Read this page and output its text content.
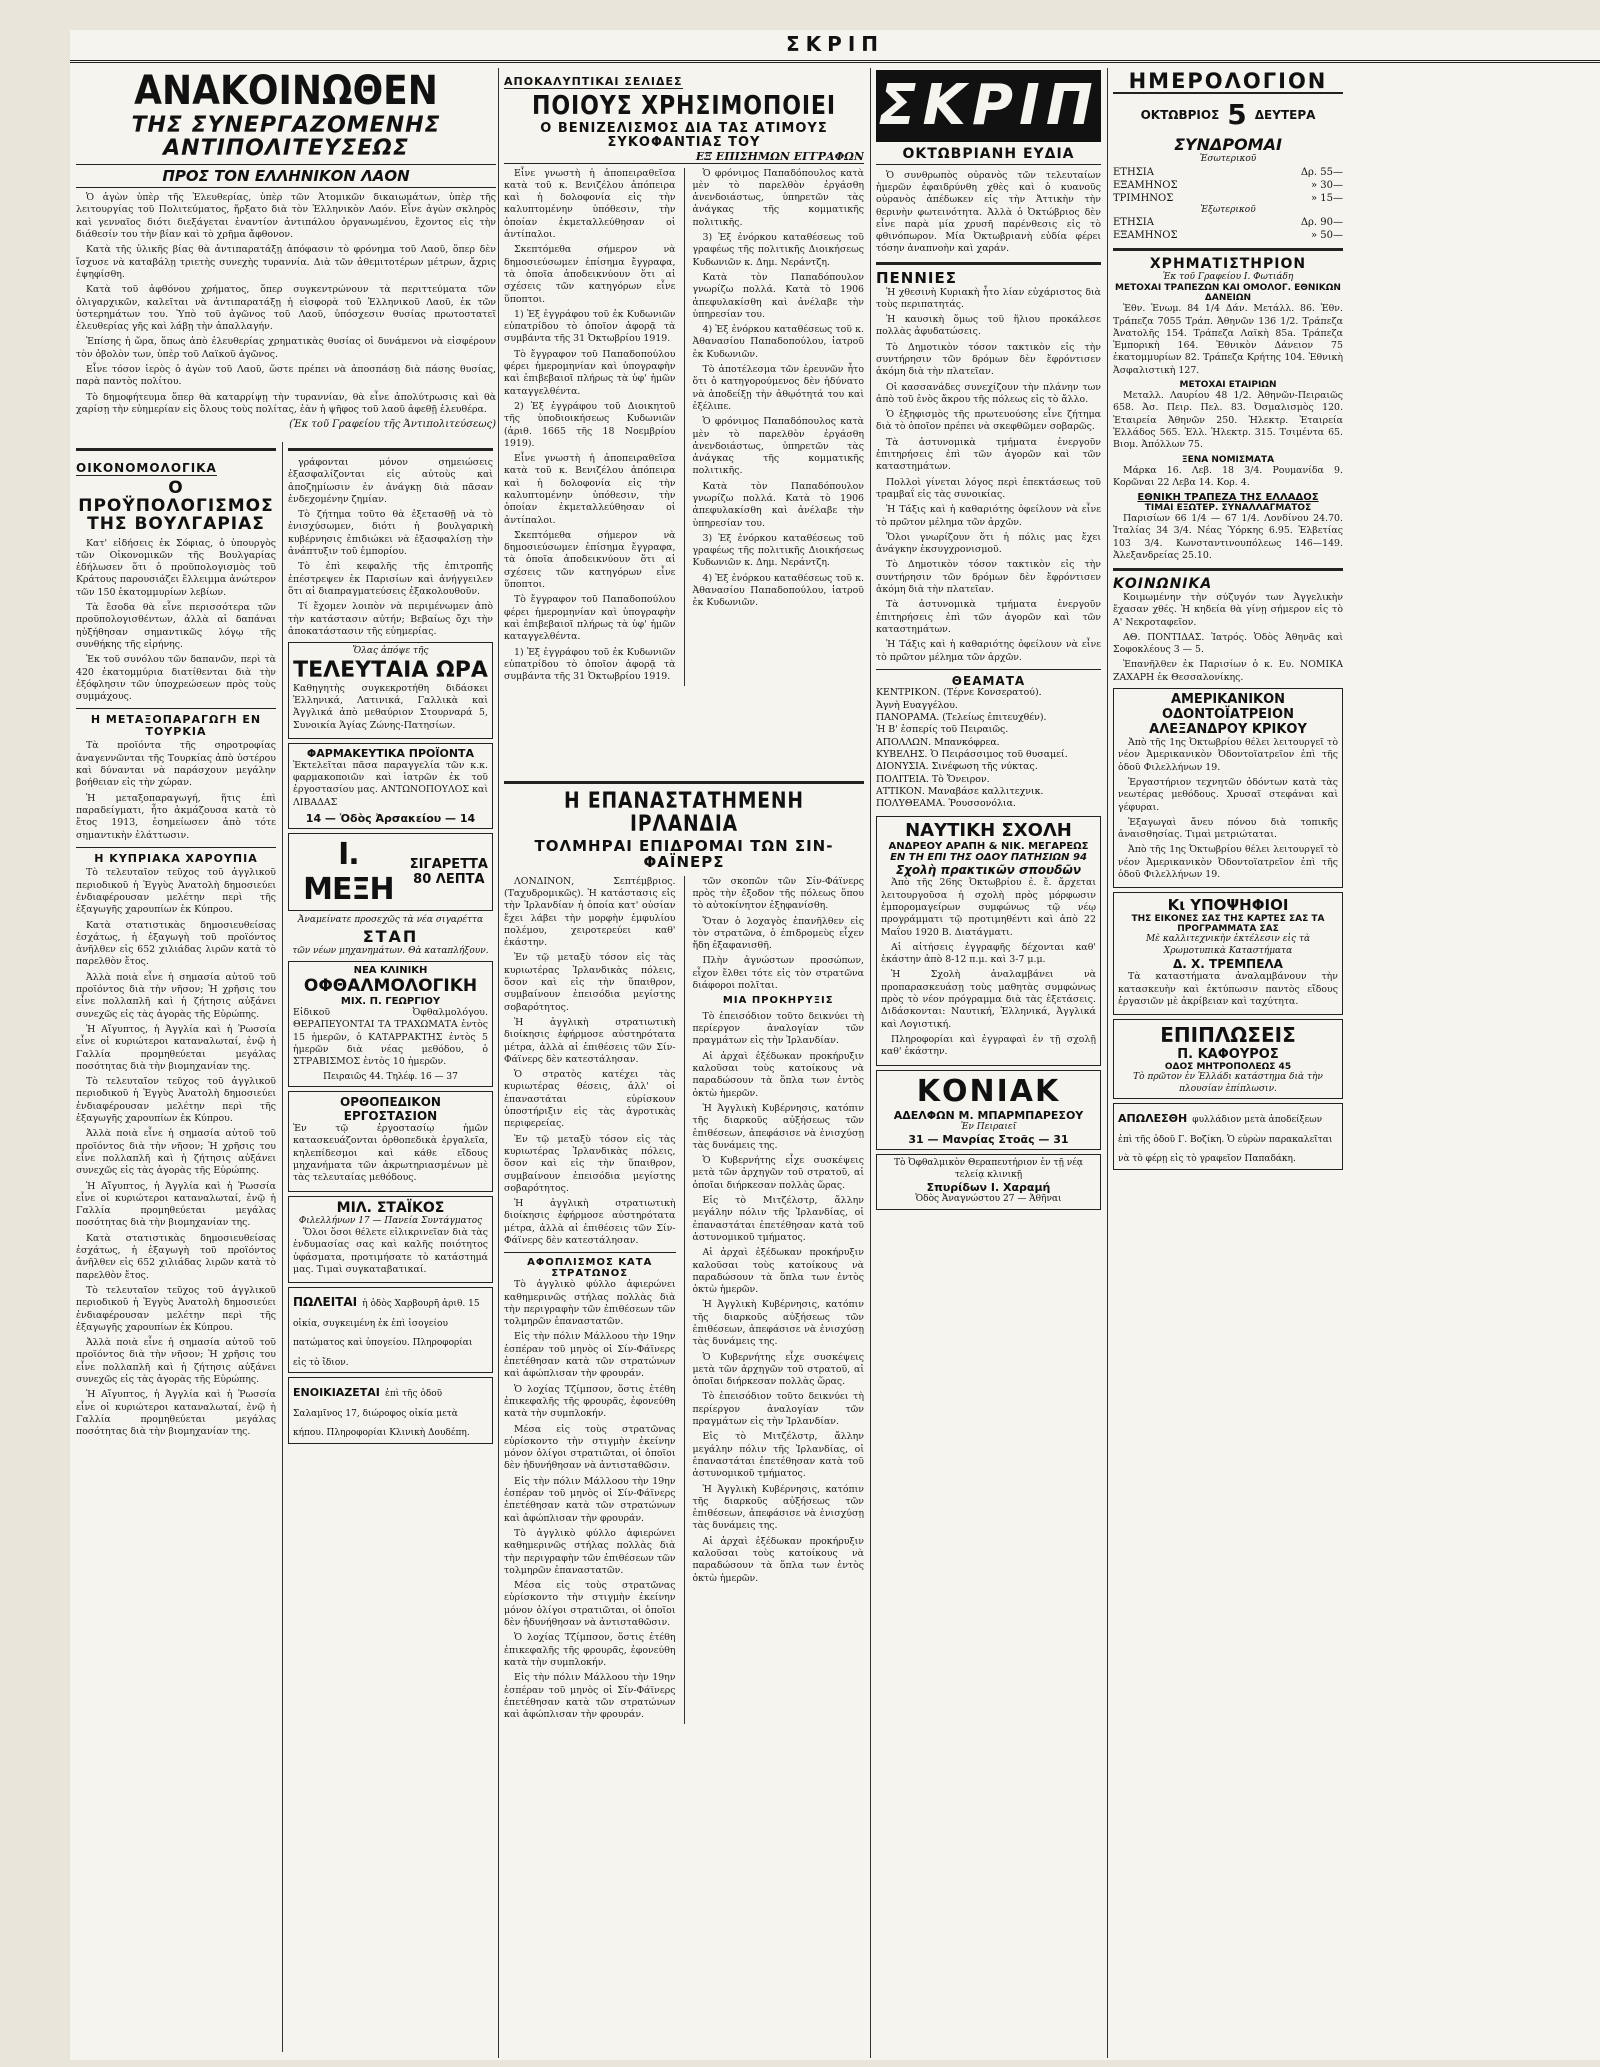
ΣΚΡΙΠ
ΑΝΑΚΟΙΝΩΘΕΝ
ΤΗΣ ΣΥΝΕΡΓΑΖΟΜΕΝΗΣ ΑΝΤΙΠΟΛΙΤΕΥΣΕΩΣ
ΠΡΟΣ ΤΟΝ ΕΛΛΗΝΙΚΟΝ ΛΑΟΝ

Ὁ ἀγὼν ὑπὲρ τῆς Ἐλευθερίας, ὑπὲρ τῶν Ἀτομικῶν δικαιωμάτων, ὑπὲρ τῆς λειτουργίας τοῦ Πολιτεύματος, ἤρξατο διὰ τὸν Ἑλληνικὸν Λαόν. Εἶνε ἀγὼν σκληρὸς καὶ γενναῖος διότι διεξάγεται ἐναντίον ἀντιπάλου ὀργανωμένου, ἔχοντος εἰς τὴν διάθεσίν του τὴν βίαν καὶ τὸ χρῆμα ἄφθονον.

Κατὰ τῆς ὑλικῆς βίας θὰ ἀντιπαρατάξῃ ἀπόφασιν τὸ φρόνημα τοῦ Λαοῦ, ὅπερ δὲν ἴσχυσε νὰ καταβάλῃ τριετὴς συνεχὴς τυραννία. Διὰ τῶν ἀθεμιτοτέρων μέτρων, ἄχρις ἐψηφίσθη.

Κατὰ τοῦ ἀφθόνου χρήματος, ὅπερ συγκεντρώνουν τὰ περιττεύματα τῶν ὀλιγαρχικῶν, καλεῖται νὰ ἀντιπαρατάξῃ ἡ εἰσφορὰ τοῦ Ἑλληνικοῦ Λαοῦ, ἐκ τῶν ὑστερημάτων του. Ὑπὸ τοῦ ἀγῶνος τοῦ Λαοῦ, ὑπόσχεσιν θυσίας πρωτοστατεῖ ἐλευθερίας γῆς καὶ λάβῃ τὴν ἀπαλλαγήν.

Ἐπίσης ἡ ὥρα, ὅπως ἀπὸ ἐλευθερίας χρηματικὰς θυσίας οἱ δυνάμενοι νὰ εἰσφέρουν τὸν ὀβολὸν των, ὑπὲρ τοῦ Λαϊκοῦ ἀγῶνος.

Εἶνε τόσον ἱερὸς ὁ ἀγὼν τοῦ Λαοῦ, ὥστε πρέπει νὰ ἀποσπάσῃ διὰ πάσης θυσίας, παρὰ παντὸς πολίτου.

Τὸ δημοφήτευμα ὅπερ θὰ καταρρίψῃ τὴν τυραννίαν, θὰ εἶνε ἀπολύτρωσις καὶ θὰ χαρίσῃ τὴν εὐημερίαν εἰς ὅλους τοὺς πολίτας, ἐὰν ἡ ψῆφος τοῦ λαοῦ ἀφεθῇ ἐλευθέρα.

(Ἐκ τοῦ Γραφείου τῆς Ἀντιπολιτεύσεως)
ΟΙΚΟΝΟΜΟΛΟΓΙΚΑ
Ο ΠΡΟΫΠΟΛΟΓΙΣΜΟΣ ΤΗΣ ΒΟΥΛΓΑΡΙΑΣ

Κατ' εἰδήσεις ἐκ Σόφιας, ὁ ὑπουργὸς τῶν Οἰκονομικῶν τῆς Βουλγαρίας ἐδήλωσεν ὅτι ὁ προϋπολογισμὸς τοῦ Κράτους παρουσιάζει ἔλλειμμα ἀνώτερον τῶν 150 ἑκατομμυρίων λεβίων.

Τὰ ἔσοδα θὰ εἶνε περισσότερα τῶν προϋπολογισθέντων, ἀλλὰ αἱ δαπάναι ηὐξήθησαν σημαντικῶς λόγῳ τῆς συνθήκης τῆς εἰρήνης.

Ἐκ τοῦ συνόλου τῶν δαπανῶν, περὶ τὰ 420 ἑκατομμύρια διατίθενται διὰ τὴν ἐξόφλησιν τῶν ὑποχρεώσεων πρὸς τοὺς συμμάχους.

Η ΜΕΤΑΞΟΠΑΡΑΓΩΓΗ ΕΝ ΤΟΥΡΚΙΑ

Τὰ προϊόντα τῆς σηροτροφίας ἀναγεννῶνται τῆς Τουρκίας ἀπὸ ὑστέρου καὶ δύνανται νὰ παράσχουν μεγάλην βοήθειαν εἰς τὴν χώραν.

Ἡ μεταξοπαραγωγή, ἥτις ἐπὶ παραδείγματι, ἦτο ἀκμάζουσα κατὰ τὸ ἔτος 1913, ἐσημείωσεν ἀπὸ τότε σημαντικὴν ἐλάττωσιν.

Η ΚΥΠΡΙΑΚΑ ΧΑΡΟΥΠΙΑ

Τὸ τελευταῖον τεῦχος τοῦ ἀγγλικοῦ περιοδικοῦ ἡ Ἐγγὺς Ἀνατολὴ δημοσιεύει ἐνδιαφέρουσαν μελέτην περὶ τῆς ἐξαγωγῆς χαρουπίων ἐκ Κύπρου.

Κατὰ στατιστικὰς δημοσιευθείσας ἐσχάτως, ἡ ἐξαγωγὴ τοῦ προϊόντος ἀνῆλθεν εἰς 652 χιλιάδας λιρῶν κατὰ τὸ παρελθὸν ἔτος.

Ἀλλὰ ποιὰ εἶνε ἡ σημασία αὐτοῦ τοῦ προϊόντος διὰ τὴν νῆσον; Ἡ χρῆσις του εἶνε πολλαπλῆ καὶ ἡ ζήτησις αὐξάνει συνεχῶς εἰς τὰς ἀγορὰς τῆς Εὐρώπης.

Ἡ Αἴγυπτος, ἡ Ἀγγλία καὶ ἡ Ῥωσσία εἶνε οἱ κυριώτεροι καταναλωταί, ἐνῷ ἡ Γαλλία προμηθεύεται μεγάλας ποσότητας διὰ τὴν βιομηχανίαν της.

Τὸ τελευταῖον τεῦχος τοῦ ἀγγλικοῦ περιοδικοῦ ἡ Ἐγγὺς Ἀνατολὴ δημοσιεύει ἐνδιαφέρουσαν μελέτην περὶ τῆς ἐξαγωγῆς χαρουπίων ἐκ Κύπρου.

Ἀλλὰ ποιὰ εἶνε ἡ σημασία αὐτοῦ τοῦ προϊόντος διὰ τὴν νῆσον; Ἡ χρῆσις του εἶνε πολλαπλῆ καὶ ἡ ζήτησις αὐξάνει συνεχῶς εἰς τὰς ἀγορὰς τῆς Εὐρώπης.

Ἡ Αἴγυπτος, ἡ Ἀγγλία καὶ ἡ Ῥωσσία εἶνε οἱ κυριώτεροι καταναλωταί, ἐνῷ ἡ Γαλλία προμηθεύεται μεγάλας ποσότητας διὰ τὴν βιομηχανίαν της.

Κατὰ στατιστικὰς δημοσιευθείσας ἐσχάτως, ἡ ἐξαγωγὴ τοῦ προϊόντος ἀνῆλθεν εἰς 652 χιλιάδας λιρῶν κατὰ τὸ παρελθὸν ἔτος.

Τὸ τελευταῖον τεῦχος τοῦ ἀγγλικοῦ περιοδικοῦ ἡ Ἐγγὺς Ἀνατολὴ δημοσιεύει ἐνδιαφέρουσαν μελέτην περὶ τῆς ἐξαγωγῆς χαρουπίων ἐκ Κύπρου.

Ἀλλὰ ποιὰ εἶνε ἡ σημασία αὐτοῦ τοῦ προϊόντος διὰ τὴν νῆσον; Ἡ χρῆσις του εἶνε πολλαπλῆ καὶ ἡ ζήτησις αὐξάνει συνεχῶς εἰς τὰς ἀγορὰς τῆς Εὐρώπης.

Ἡ Αἴγυπτος, ἡ Ἀγγλία καὶ ἡ Ῥωσσία εἶνε οἱ κυριώτεροι καταναλωταί, ἐνῷ ἡ Γαλλία προμηθεύεται μεγάλας ποσότητας διὰ τὴν βιομηχανίαν της.

γράφονται μόνον σημειώσεις ἐξασφαλίζονται εἰς αὐτοὺς καὶ ἀποζημίωσιν ἐν ἀνάγκῃ διὰ πᾶσαν ἐνδεχομένην ζημίαν.

Τὸ ζήτημα τοῦτο θὰ ἐξετασθῇ νὰ τὸ ἐνισχύσωμεν, διότι ἡ βουλγαρικὴ κυβέρνησις ἐπιδιώκει νὰ ἐξασφαλίσῃ τὴν ἀνάπτυξιν τοῦ ἐμπορίου.

Τὸ ἐπὶ κεφαλῆς τῆς ἐπιτροπῆς ἐπέστρεψεν ἐκ Παρισίων καὶ ἀνήγγειλεν ὅτι αἱ διαπραγματεύσεις ἐξακολουθοῦν.

Τί ἔχομεν λοιπὸν νὰ περιμένωμεν ἀπὸ τὴν κατάστασιν αὐτήν; Βεβαίως ὄχι τὴν ἀποκατάστασιν τῆς εὐημερίας.

Ὅλας ἀπόψε τῆς
ΤΕΛΕΥΤΑΙΑ ΩΡΑ

Καθηγητὴς συγκεκροτήθη διδάσκει Ἑλληνικά, Λατινικά, Γαλλικὰ καὶ Ἀγγλικά ἀπὸ μεθαύριον Στουρναρά 5, Συνοικία Ἁγίας Ζώνης-Πατησίων.

ΦΑΡΜΑΚΕΥΤΙΚΑ ΠΡΟΪΟΝΤΑ

Ἐκτελεῖται πᾶσα παραγγελία τῶν κ.κ. φαρμακοποιῶν καὶ ἰατρῶν ἐκ τοῦ ἐργοστασίου μας. ΑΝΤΩΝΟΠΟΥΛΟΣ καὶ ΛΙΒΑΔΑΣ

14 — Ὁδὸς Ἀρσακείου — 14
Ι. ΜΕΞΗ
ΣΙΓΑΡΕΤΤΑ
80 ΛΕΠΤΑ
Ἀναμείνατε προσεχῶς τὰ νέα σιγαρέττα
ΣΤΑΠ
τῶν νέων μηχανημάτων. Θὰ καταπλήξουν.
ΝΕΑ ΚΛΙΝΙΚΗ
ΟΦΘΑΛΜΟΛΟΓΙΚΗ
ΜΙΧ. Π. ΓΕΩΡΓΙΟΥ

Εἰδικοῦ Ὀφθαλμολόγου. ΘΕΡΑΠΕΥΟΝΤΑΙ ΤΑ ΤΡΑΧΩΜΑΤΑ ἐντὸς 15 ἡμερῶν, ὁ ΚΑΤΑΡΡΑΚΤΗΣ ἐντὸς 5 ἡμερῶν διὰ νέας μεθόδου, ὁ ΣΤΡΑΒΙΣΜΟΣ ἐντὸς 10 ἡμερῶν.

Πειραιῶς 44. Τηλέφ. 16 — 37
ΟΡΘΟΠΕΔΙΚΟΝ ΕΡΓΟΣΤΑΣΙΟΝ

Ἐν τῷ ἐργοστασίῳ ἡμῶν κατασκευάζονται ὀρθοπεδικὰ ἐργαλεῖα, κηλεπίδεσμοι καὶ κάθε εἴδους μηχανήματα τῶν ἀκρωτηριασμένων μὲ τὰς τελευταίας μεθόδους.

ΜΙΛ. ΣΤΑΪΚΟΣ
Φιλελλήνων 17 — Πανεία Συντάγματος

Ὅλοι ὅσοι θέλετε εἰλικρινεῖαν διὰ τὰς ἐνδυμασίας σας καὶ καλῆς ποιότητος ὑφάσματα, προτιμήσατε τὸ κατάστημά μας. Τιμαὶ συγκαταβατικαί.

ΠΩΛΕΙΤΑΙ ἡ ὁδὸς Χαρβουρῆ ἀριθ. 15 οἰκία, συγκειμένη ἐκ ἐπὶ ἰσογείου πατώματος καὶ ὑπογείου. Πληροφορίαι εἰς τὸ ἴδιον.
ΕΝΟΙΚΙΑΖΕΤΑΙ ἐπὶ τῆς ὁδοῦ Σαλαμῖνος 17, διώροφος οἰκία μετὰ κήπου. Πληροφορίαι Κλινικὴ Δουδέπη.
ΑΠΟΚΑΛΥΠΤΙΚΑΙ ΣΕΛΙΔΕΣ
ΠΟΙΟΥΣ ΧΡΗΣΙΜΟΠΟΙΕΙ
Ο ΒΕΝΙΖΕΛΙΣΜΟΣ ΔΙΑ ΤΑΣ ΑΤΙΜΟΥΣ ΣΥΚΟΦΑΝΤΙΑΣ ΤΟΥ
ΕΞ ΕΠΙΣΗΜΩΝ ΕΓΓΡΑΦΩΝ

Εἶνε γνωστὴ ἡ ἀποπειραθεῖσα κατὰ τοῦ κ. Βενιζέλου ἀπόπειρα καὶ ἡ δολοφονία εἰς τὴν καλυπτομένην ὑπόθεσιν, τὴν ὁποίαν ἐκμεταλλεύθησαν οἱ ἀντίπαλοι.

Σκεπτόμεθα σήμερον νὰ δημοσιεύσωμεν ἐπίσημα ἔγγραφα, τὰ ὁποῖα ἀποδεικνύουν ὅτι αἱ σχέσεις τῶν κατηγόρων εἶνε ὕποπτοι.

1) Ἐξ ἐγγράφου τοῦ ἐκ Κυδωνιῶν εὐπατρίδου τὸ ὁποῖον ἀφορᾷ τὰ συμβάντα τῆς 31 Ὀκτωβρίου 1919.

Τὸ ἔγγραφον τοῦ Παπαδοπούλου φέρει ἡμερομηνίαν καὶ ὑπογραφὴν καὶ ἐπιβεβαιοῖ πλήρως τὰ ὑφ' ἡμῶν καταγγελθέντα.

2) Ἐξ ἐγγράφου τοῦ Διοικητοῦ τῆς ὑποδιοικήσεως Κυδωνιῶν (ἀριθ. 1665 τῆς 18 Νοεμβρίου 1919).

Εἶνε γνωστὴ ἡ ἀποπειραθεῖσα κατὰ τοῦ κ. Βενιζέλου ἀπόπειρα καὶ ἡ δολοφονία εἰς τὴν καλυπτομένην ὑπόθεσιν, τὴν ὁποίαν ἐκμεταλλεύθησαν οἱ ἀντίπαλοι.

Σκεπτόμεθα σήμερον νὰ δημοσιεύσωμεν ἐπίσημα ἔγγραφα, τὰ ὁποῖα ἀποδεικνύουν ὅτι αἱ σχέσεις τῶν κατηγόρων εἶνε ὕποπτοι.

Τὸ ἔγγραφον τοῦ Παπαδοπούλου φέρει ἡμερομηνίαν καὶ ὑπογραφὴν καὶ ἐπιβεβαιοῖ πλήρως τὰ ὑφ' ἡμῶν καταγγελθέντα.

1) Ἐξ ἐγγράφου τοῦ ἐκ Κυδωνιῶν εὐπατρίδου τὸ ὁποῖον ἀφορᾷ τὰ συμβάντα τῆς 31 Ὀκτωβρίου 1919.

Ὁ φρόνιμος Παπαδόπουλος κατὰ μὲν τὸ παρελθὸν ἐργάσθη ἀνενδοιάστως, ὑπηρετῶν τὰς ἀνάγκας τῆς κομματικῆς πολιτικῆς.

3) Ἐξ ἐνόρκου καταθέσεως τοῦ γραφέως τῆς πολιτικῆς Διοικήσεως Κυδωνιῶν κ. Δημ. Νεράντζη.

Κατὰ τὸν Παπαδόπουλον γνωρίζω πολλά. Κατὰ τὸ 1906 ἀπεφυλακίσθη καὶ ἀνέλαβε τὴν ὑπηρεσίαν του.

4) Ἐξ ἐνόρκου καταθέσεως τοῦ κ. Ἀθανασίου Παπαδοπούλου, ἰατροῦ ἐκ Κυδωνιῶν.

Τὸ ἀποτέλεσμα τῶν ἐρευνῶν ἦτο ὅτι ὁ κατηγορούμενος δὲν ἠδύνατο νὰ ἀποδείξῃ τὴν ἀθῳότητά του καὶ ἐξέλιπε.

Ὁ φρόνιμος Παπαδόπουλος κατὰ μὲν τὸ παρελθὸν ἐργάσθη ἀνενδοιάστως, ὑπηρετῶν τὰς ἀνάγκας τῆς κομματικῆς πολιτικῆς.

Κατὰ τὸν Παπαδόπουλον γνωρίζω πολλά. Κατὰ τὸ 1906 ἀπεφυλακίσθη καὶ ἀνέλαβε τὴν ὑπηρεσίαν του.

3) Ἐξ ἐνόρκου καταθέσεως τοῦ γραφέως τῆς πολιτικῆς Διοικήσεως Κυδωνιῶν κ. Δημ. Νεράντζη.

4) Ἐξ ἐνόρκου καταθέσεως τοῦ κ. Ἀθανασίου Παπαδοπούλου, ἰατροῦ ἐκ Κυδωνιῶν.

Η ΕΠΑΝΑΣΤΑΤΗΜΕΝΗ ΙΡΛΑΝΔΙΑ
ΤΟΛΜΗΡΑΙ ΕΠΙΔΡΟΜΑΙ ΤΩΝ ΣΙΝ-ΦΑΪΝΕΡΣ

ΛΟΝΔΙΝΟΝ, Σεπτέμβριος. (Ταχυδρομικῶς). Ἡ κατάστασις εἰς τὴν Ἰρλανδίαν ἡ ὁποία κατ' οὐσίαν ἔχει λάβει τὴν μορφὴν ἐμφυλίου πολέμου, χειροτερεύει καθ' ἑκάστην.

Ἐν τῷ μεταξὺ τόσον εἰς τὰς κυριωτέρας Ἰρλανδικὰς πόλεις, ὅσον καὶ εἰς τὴν ὕπαιθρον, συμβαίνουν ἐπεισόδια μεγίστης σοβαρότητος.

Ἡ ἀγγλικὴ στρατιωτικὴ διοίκησις ἐφήρμοσε αὐστηρότατα μέτρα, ἀλλὰ αἱ ἐπιθέσεις τῶν Σίν-Φάϊνερς δὲν κατεστάλησαν.

Ὁ στρατὸς κατέχει τὰς κυριωτέρας θέσεις, ἀλλ' οἱ ἐπαναστάται εὑρίσκουν ὑποστήριξιν εἰς τὰς ἀγροτικὰς περιφερείας.

Ἐν τῷ μεταξὺ τόσον εἰς τὰς κυριωτέρας Ἰρλανδικὰς πόλεις, ὅσον καὶ εἰς τὴν ὕπαιθρον, συμβαίνουν ἐπεισόδια μεγίστης σοβαρότητος.

Ἡ ἀγγλικὴ στρατιωτικὴ διοίκησις ἐφήρμοσε αὐστηρότατα μέτρα, ἀλλὰ αἱ ἐπιθέσεις τῶν Σίν-Φάϊνερς δὲν κατεστάλησαν.

ΑΦΟΠΛΙΣΜΟΣ ΚΑΤΑ ΣΤΡΑΤΩΝΟΣ

Τὸ ἀγγλικὸ φύλλο ἀφιερώνει καθημερινῶς στήλας πολλὰς διὰ τὴν περιγραφὴν τῶν ἐπιθέσεων τῶν τολμηρῶν ἐπαναστατῶν.

Εἰς τὴν πόλιν Μάλλοου τὴν 19ην ἑσπέραν τοῦ μηνὸς οἱ Σίν-Φάϊνερς ἐπετέθησαν κατὰ τῶν στρατώνων καὶ ἀφώπλισαν τὴν φρουράν.

Ὁ λοχίας Τζίμπσον, ὅστις ἐτέθη ἐπικεφαλῆς τῆς φρουρᾶς, ἐφονεύθη κατὰ τὴν συμπλοκήν.

Μέσα εἰς τοὺς στρατῶνας εὑρίσκοντο τὴν στιγμὴν ἐκείνην μόνον ὀλίγοι στρατιῶται, οἱ ὁποῖοι δὲν ἠδυνήθησαν νὰ ἀντισταθῶσιν.

Εἰς τὴν πόλιν Μάλλοου τὴν 19ην ἑσπέραν τοῦ μηνὸς οἱ Σίν-Φάϊνερς ἐπετέθησαν κατὰ τῶν στρατώνων καὶ ἀφώπλισαν τὴν φρουράν.

Τὸ ἀγγλικὸ φύλλο ἀφιερώνει καθημερινῶς στήλας πολλὰς διὰ τὴν περιγραφὴν τῶν ἐπιθέσεων τῶν τολμηρῶν ἐπαναστατῶν.

Μέσα εἰς τοὺς στρατῶνας εὑρίσκοντο τὴν στιγμὴν ἐκείνην μόνον ὀλίγοι στρατιῶται, οἱ ὁποῖοι δὲν ἠδυνήθησαν νὰ ἀντισταθῶσιν.

Ὁ λοχίας Τζίμπσον, ὅστις ἐτέθη ἐπικεφαλῆς τῆς φρουρᾶς, ἐφονεύθη κατὰ τὴν συμπλοκήν.

Εἰς τὴν πόλιν Μάλλοου τὴν 19ην ἑσπέραν τοῦ μηνὸς οἱ Σίν-Φάϊνερς ἐπετέθησαν κατὰ τῶν στρατώνων καὶ ἀφώπλισαν τὴν φρουράν.

τῶν σκοπῶν τῶν Σίν-Φάϊνερς πρὸς τὴν ἐξοδον τῆς πόλεως ὅπου τὸ αὐτοκίνητον ἐξηφανίσθη.

Ὅταν ὁ λοχαγὸς ἐπανῆλθεν εἰς τὸν στρατῶνα, ὁ ἐπιδρομεὺς εἶχεν ἤδη ἐξαφανισθῆ.

Πλὴν ἀγνώστων προσώπων, εἶχον ἔλθει τότε εἰς τὸν στρατῶνα διάφοροι πολῖται.

ΜΙΑ ΠΡΟΚΗΡΥΞΙΣ

Τὸ ἐπεισόδιον τοῦτο δεικνύει τὴ περίεργον ἀναλογίαν τῶν πραγμάτων εἰς τὴν Ἰρλανδίαν.

Αἱ ἀρχαὶ ἐξέδωκαν προκήρυξιν καλοῦσαι τοὺς κατοίκους νὰ παραδώσουν τὰ ὅπλα των ἐντὸς ὀκτὼ ἡμερῶν.

Ἡ Ἀγγλικὴ Κυβέρνησις, κατόπιν τῆς διαρκοῦς αὐξήσεως τῶν ἐπιθέσεων, ἀπεφάσισε νὰ ἐνισχύσῃ τὰς δυνάμεις της.

Ὁ Κυβερνήτης εἶχε συσκέψεις μετὰ τῶν ἀρχηγῶν τοῦ στρατοῦ, αἱ ὁποῖαι διήρκεσαν πολλὰς ὥρας.

Εἰς τὸ Μιτζέλστρ, ἄλλην μεγάλην πόλιν τῆς Ἰρλανδίας, οἱ ἐπαναστάται ἐπετέθησαν κατὰ τοῦ ἀστυνομικοῦ τμήματος.

Αἱ ἀρχαὶ ἐξέδωκαν προκήρυξιν καλοῦσαι τοὺς κατοίκους νὰ παραδώσουν τὰ ὅπλα των ἐντὸς ὀκτὼ ἡμερῶν.

Ἡ Ἀγγλικὴ Κυβέρνησις, κατόπιν τῆς διαρκοῦς αὐξήσεως τῶν ἐπιθέσεων, ἀπεφάσισε νὰ ἐνισχύσῃ τὰς δυνάμεις της.

Ὁ Κυβερνήτης εἶχε συσκέψεις μετὰ τῶν ἀρχηγῶν τοῦ στρατοῦ, αἱ ὁποῖαι διήρκεσαν πολλὰς ὥρας.

Τὸ ἐπεισόδιον τοῦτο δεικνύει τὴ περίεργον ἀναλογίαν τῶν πραγμάτων εἰς τὴν Ἰρλανδίαν.

Εἰς τὸ Μιτζέλστρ, ἄλλην μεγάλην πόλιν τῆς Ἰρλανδίας, οἱ ἐπαναστάται ἐπετέθησαν κατὰ τοῦ ἀστυνομικοῦ τμήματος.

Ἡ Ἀγγλικὴ Κυβέρνησις, κατόπιν τῆς διαρκοῦς αὐξήσεως τῶν ἐπιθέσεων, ἀπεφάσισε νὰ ἐνισχύσῃ τὰς δυνάμεις της.

Αἱ ἀρχαὶ ἐξέδωκαν προκήρυξιν καλοῦσαι τοὺς κατοίκους νὰ παραδώσουν τὰ ὅπλα των ἐντὸς ὀκτὼ ἡμερῶν.

ΣΚΡΙΠ
ΟΚΤΩΒΡΙΑΝΗ ΕΥΔΙΑ

Ὁ συνθρωπὸς οὐρανὸς τῶν τελευταίων ἡμερῶν ἐφαιδρύνθη χθὲς καὶ ὁ κυανοῦς οὐρανὸς ἀπέδωκεν εἰς τὴν Ἀττικὴν τὴν θερινὴν φωτεινότητα. Ἀλλὰ ὁ Ὀκτώβριος δὲν εἶνε παρὰ μία χρυσῆ παρένθεσις εἰς τὸ φθινόπωρον. Μία Ὀκτωβριανὴ εὐδία φέρει τόσην ἀναπνοὴν καὶ χαράν.

ΠΕΝΝΙΕΣ

Ἡ χθεσινὴ Κυριακὴ ἦτο λίαν εὐχάριστος διὰ τοὺς περιπατητάς.

Ἡ καυσικὴ ὅμως τοῦ ἥλιου προκάλεσε πολλὰς ἀφυδατώσεις.

Τὸ Δημοτικὸν τόσον τακτικὸν εἰς τὴν συντήρησιν τῶν δρόμων δὲν ἔφρόντισεν ἀκόμη διὰ τὴν πλατεῖαν.

Οἱ κασσανάδες συνεχίζουν τὴν πλάνην των ἀπὸ τοῦ ἑνὸς ἄκρου τῆς πόλεως εἰς τὸ ἄλλο.

Ὁ ἐξηφισμὸς τῆς πρωτευούσης εἶνε ζήτημα διὰ τὸ ὁποῖον πρέπει νὰ σκεφθῶμεν σοβαρῶς.

Τὰ ἀστυνομικὰ τμήματα ἐνεργοῦν ἐπιτηρήσεις ἐπὶ τῶν ἀγορῶν καὶ τῶν καταστημάτων.

Πολλοὶ γίνεται λόγος περὶ ἐπεκτάσεως τοῦ τραμβαΐ εἰς τὰς συνοικίας.

Ἡ Τάξις καὶ ἡ καθαριότης ὀφείλουν νὰ εἶνε τὸ πρῶτον μέλημα τῶν ἀρχῶν.

Ὅλοι γνωρίζουν ὅτι ἡ πόλις μας ἔχει ἀνάγκην ἐκσυγχρονισμοῦ.

Τὸ Δημοτικὸν τόσον τακτικὸν εἰς τὴν συντήρησιν τῶν δρόμων δὲν ἔφρόντισεν ἀκόμη διὰ τὴν πλατεῖαν.

Τὰ ἀστυνομικὰ τμήματα ἐνεργοῦν ἐπιτηρήσεις ἐπὶ τῶν ἀγορῶν καὶ τῶν καταστημάτων.

Ἡ Τάξις καὶ ἡ καθαριότης ὀφείλουν νὰ εἶνε τὸ πρῶτον μέλημα τῶν ἀρχῶν.

ΘΕΑΜΑΤΑ

ΚΕΝΤΡΙΚΟΝ. (Τέρνε Κονσερατού).

Ἀγνὴ Ευαγγέλου.

ΠΑΝΟΡΑΜΑ. (Τελείως ἐπιτευχθέν).

Ἡ Β' ἑσπερίς τοῦ Πειραιῶς.

ΑΠΟΛΛΩΝ. Μπανκόφρεα.

ΚΥΒΕΛΗΣ. Ὁ Πειράσσιμος τοῦ θυσαμεί.

ΔΙΟΝΥΣΙΑ. Σινέφωση τῆς νύκτας.

ΠΟΛΙΤΕΙΑ. Τὸ Ὄνειρον.

ΑΤΤΙΚΟΝ. Μαναβάσε καλλιτεχνικ.

ΠΟΛΥΘΕΑΜΑ. Ῥουσσονόλια.

ΝΑΥΤΙΚΗ ΣΧΟΛΗ
ΑΝΔΡΕΟΥ ΑΡΑΠΗ & ΝΙΚ. ΜΕΓΑΡΕΩΣ
ΕΝ ΤΗ ΕΠΙ ΤΗΣ ΟΔΟΥ ΠΑΤΗΣΙΩΝ 94
Σχολὴ πρακτικῶν σπουδῶν

Ἀπὸ τῆς 26ης Ὀκτωβρίου ἐ. ἔ. ἄρχεται λειτουργοῦσα ἡ σχολὴ πρὸς μόρφωσιν ἐμπορομαγείρων συμφώνως τῷ νέῳ προγράμματι τῷ προτιμηθέντι καὶ ἀπὸ 22 Μαΐου 1920 Β. Διατάγματι.

Αἱ αἰτήσεις ἐγγραφῆς δέχονται καθ' ἑκάστην ἀπὸ 8-12 π.μ. καὶ 3-7 μ.μ.

Ἡ Σχολὴ ἀναλαμβάνει νὰ προπαρασκευάσῃ τοὺς μαθητὰς συμφώνως πρὸς τὸ νέον πρόγραμμα διὰ τὰς ἐξετάσεις. Διδάσκονται: Ναυτική, Ἑλληνικά, Ἀγγλικά καὶ Λογιστική.

Πληροφορίαι καὶ ἐγγραφαὶ ἐν τῇ σχολῇ καθ' ἑκάστην.

ΚΟΝΙΑΚ
ΑΔΕΛΦΩΝ Μ. ΜΠΑΡΜΠΑΡΕΣΟΥ
Ἐν Πειραιεῖ
31 — Μανρίας Στοᾶς — 31
Τὸ Ὀφθαλμικὸν Θεραπευτήριον ἐν τῇ νέᾳ τελείᾳ κλινικῇ
Σπυρίδων Ι. Χαραμή
Ὁδὸς Ἀναγνώστου 27 — Ἀθῆναι
ΗΜΕΡΟΛΟΓΙΟΝ
ΟΚΤΩΒΡΙΟΣ 5 ΔΕΥΤΕΡΑ
ΣΥΝΔΡΟΜΑΙ
Ἐσωτερικοῦ
ΕΤΗΣΙΑ	Δρ. 55—
ΕΞΑΜΗΝΟΣ	» 30—
ΤΡΙΜΗΝΟΣ	» 15—
Ἐξωτερικοῦ
ΕΤΗΣΙΑ	Δρ. 90—
ΕΞΑΜΗΝΟΣ	» 50—
ΧΡΗΜΑΤΙΣΤΗΡΙΟΝ
Ἐκ τοῦ Γραφείου Ι. Φωτιάδη
ΜΕΤΟΧΑΙ ΤΡΑΠΕΖΩΝ ΚΑΙ ΟΜΟΛΟΓ. ΕΘΝΙΚΩΝ ΔΑΝΕΙΩΝ

Ἐθν. Ἑνωμ. 84 1/4 Δάν. Μετάλλ. 86. Ἐθν. Τράπεζα 7055 Τράπ. Ἀθηνῶν 136 1/2. Τράπεζα Ἀνατολῆς 154. Τράπεζα Λαϊκὴ 85a. Τράπεζα Ἐμπορικὴ 164. Ἐθνικὸν Δάνειον 75 ἑκατομμυρίων 82. Τράπεζα Κρήτης 104. Ἐθνικὴ Ἀσφαλιστικὴ 127.

ΜΕΤΟΧΑΙ ΕΤΑΙΡΙΩΝ

Μεταλλ. Λαυρίου 48 1/2. Ἀθηνῶν-Πειραιῶς 658. Ἀσ. Πειρ. Πελ. 83. Ὀσμαλισμὸς 120. Ἐταιρεία Ἀθηνῶν 250. Ἠλεκτρ. Ἑταιρεία Ἑλλάδος 565. Ἑλλ. Ἡλεκτρ. 315. Τσιμέντα 65. Βιομ. Ἀπόλλων 75.

ΞΕΝΑ ΝΟΜΙΣΜΑΤΑ

Μάρκα 16. Λεβ. 18 3/4. Ρουμανίδα 9. Κορῶναι 22 Λεβα 14. Κορ. 4.

ΕΘΝΙΚΗ ΤΡΑΠΕΖΑ ΤΗΣ ΕΛΛΑΔΟΣ
ΤΙΜΑΙ ΕΞΩΤΕΡ. ΣΥΝΑΛΛΑΓΜΑΤΟΣ

Παρισίων 66 1/4 — 67 1/4. Λονδίνου 24.70. Ἰταλίας 34 3/4. Νέας Ὑόρκης 6.95. Ἐλβετίας 103 3/4. Κωνσταντινουπόλεως 146—149. Ἀλεξανδρείας 25.10.

ΚΟΙΝΩΝΙΚΑ

Κοιμωμένην τὴν σύζυγόν των Ἀγγελικὴν ἔχασαν χθές. Ἡ κηδεία θὰ γίνῃ σήμερον εἰς τὸ Α' Νεκροταφεῖον.

ΑΘ. ΠΟΝΤΙΔΑΣ. Ἰατρός. Ὁδὸς Ἀθηνᾶς καὶ Σοφοκλέους 3 — 5.

Ἐπανῆλθεν ἐκ Παρισίων ὁ κ. Ευ. ΝΟΜΙΚΑ ΖΑΧΑΡΗ ἐκ Θεσσαλονίκης.

ΑΜΕΡΙΚΑΝΙΚΟΝ ΟΔΟΝΤΟΪΑΤΡΕΙΟΝ
ΑΛΕΞΑΝΔΡΟΥ ΚΡΙΚΟΥ

Ἀπὸ τῆς 1ης Ὀκτωβρίου θέλει λειτουργεῖ τὸ νέον Ἀμερικανικὸν Ὀδοντοϊατρεῖον ἐπὶ τῆς ὁδοῦ Φιλελλήνων 19.

Ἐργαστήριον τεχνητῶν ὀδόντων κατὰ τὰς νεωτέρας μεθόδους. Χρυσαῖ στεφάναι καὶ γέφυραι.

Ἐξαγωγαὶ ἄνευ πόνου διὰ τοπικῆς ἀναισθησίας. Τιμαὶ μετριώταται.

Ἀπὸ τῆς 1ης Ὀκτωβρίου θέλει λειτουργεῖ τὸ νέον Ἀμερικανικὸν Ὀδοντοϊατρεῖον ἐπὶ τῆς ὁδοῦ Φιλελλήνων 19.

Κι ΥΠΟΨΗΦΙΟΙ
ΤΗΣ ΕΙΚΟΝΕΣ ΣΑΣ ΤΗΣ ΚΑΡΤΕΣ ΣΑΣ ΤΑ ΠΡΟΓΡΑΜΜΑΤΑ ΣΑΣ
Μὲ καλλιτεχνικὴν ἐκτέλεσιν εἰς τὰ Χρωμοτυπικὰ Καταστήματα
Δ. Χ. ΤΡΕΜΠΕΛΑ

Τὰ καταστήματα ἀναλαμβάνουν τὴν κατασκευὴν καὶ ἐκτύπωσιν παντὸς εἴδους ἐργασιῶν μὲ ἀκρίβειαν καὶ ταχύτητα.

ΕΠΙΠΛΩΣΕΙΣ
Π. ΚΑΦΟΥΡΟΣ
ΟΔΟΣ ΜΗΤΡΟΠΟΛΕΩΣ 45
Τὸ πρῶτον ἐν Ἑλλάδι κατάστημα διὰ τὴν πλουσίαν ἐπίπλωσιν.
ΑΠΩΛΕΣΘΗ φυλλάδιον μετὰ ἀποδείξεων ἐπὶ τῆς ὁδοῦ Γ. Βοζίκη. Ὁ εὑρὼν παρακαλεῖται νὰ τὸ φέρῃ εἰς τὸ γραφεῖον Παπαδάκη.
